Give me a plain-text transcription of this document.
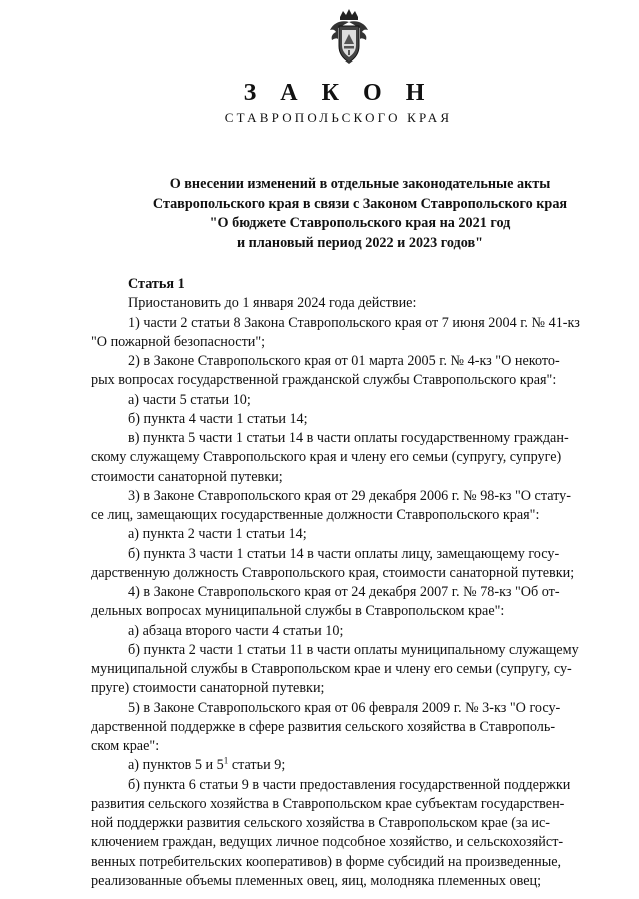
З А К О Н
СТАВРОПОЛЬСКОГО КРАЯ
О внесении изменений в отдельные законодательные акты
Ставропольского края в связи с Законом Ставропольского края
"О бюджете Ставропольского края на 2021 год
и плановый период 2022 и 2023 годов"
Статья 1
Приостановить до 1 января 2024 года действие:
1) части 2 статьи 8 Закона Ставропольского края от 7 июня 2004 г. № 41-кз
"О пожарной безопасности";
2) в Законе Ставропольского края от 01 марта 2005 г. № 4-кз "О некото-
рых вопросах государственной гражданской службы Ставропольского края":
а) части 5 статьи 10;
б) пункта 4 части 1 статьи 14;
в) пункта 5 части 1 статьи 14 в части оплаты государственному граждан-
скому служащему Ставропольского края и члену его семьи (супругу, супруге)
стоимости санаторной путевки;
3) в Законе Ставропольского края от 29 декабря 2006 г. № 98-кз "О стату-
се лиц, замещающих государственные должности Ставропольского края":
а) пункта 2 части 1 статьи 14;
б) пункта 3 части 1 статьи 14 в части оплаты лицу, замещающему госу-
дарственную должность Ставропольского края, стоимости санаторной путевки;
4) в Законе Ставропольского края от 24 декабря 2007 г. № 78-кз "Об от-
дельных вопросах муниципальной службы в Ставропольском крае":
а) абзаца второго части 4 статьи 10;
б) пункта 2 части 1 статьи 11 в части оплаты муниципальному служащему
муниципальной службы в Ставропольском крае и члену его семьи (супругу, су-
пруге) стоимости санаторной путевки;
5) в Законе Ставропольского края от 06 февраля 2009 г. № 3-кз "О госу-
дарственной поддержке в сфере развития сельского хозяйства в Ставрополь-
ском крае":
а) пунктов 5 и $5^1$ статьи 9;
б) пункта 6 статьи 9 в части предоставления государственной поддержки
развития сельского хозяйства в Ставропольском крае субъектам государствен-
ной поддержки развития сельского хозяйства в Ставропольском крае (за ис-
ключением граждан, ведущих личное подсобное хозяйство, и сельскохозяйст-
венных потребительских кооперативов) в форме субсидий на произведенные,
реализованные объемы племенных овец, яиц, молодняка племенных овец;
